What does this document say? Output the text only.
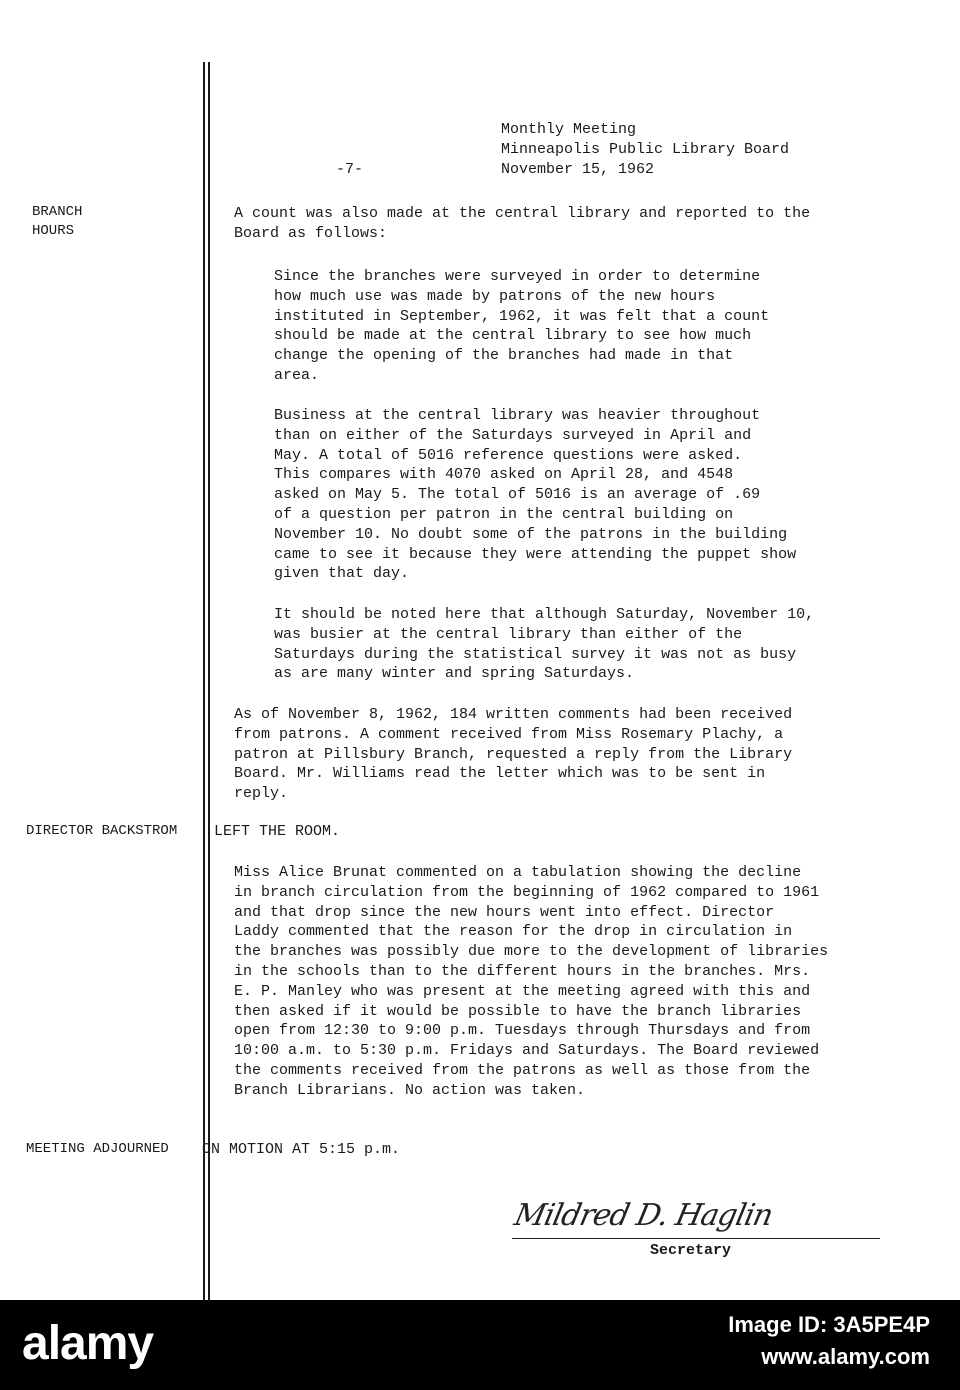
-7-
Monthly Meeting
Minneapolis Public Library Board
November 15, 1962
BRANCH
HOURS
A count was also made at the central library and reported to the
Board as follows:
Since the branches were surveyed in order to determine
how much use was made by patrons of the new hours
instituted in September, 1962, it was felt that a count
should be made at the central library to see how much
change the opening of the branches had made in that
area.
Business at the central library was heavier throughout
than on either of the Saturdays surveyed in April and
May. A total of 5016 reference questions were asked.
This compares with 4070 asked on April 28, and 4548
asked on May 5. The total of 5016 is an average of .69
of a question per patron in the central building on
November 10. No doubt some of the patrons in the building
came to see it because they were attending the puppet show
given that day.
It should be noted here that although Saturday, November 10,
was busier at the central library than either of the
Saturdays during the statistical survey it was not as busy
as are many winter and spring Saturdays.
As of November 8, 1962, 184 written comments had been received
from patrons. A comment received from Miss Rosemary Plachy, a
patron at Pillsbury Branch, requested a reply from the Library
Board. Mr. Williams read the letter which was to be sent in
reply.
DIRECTOR BACKSTROM LEFT THE ROOM.
Miss Alice Brunat commented on a tabulation showing the decline
in branch circulation from the beginning of 1962 compared to 1961
and that drop since the new hours went into effect. Director
Laddy commented that the reason for the drop in circulation in
the branches was possibly due more to the development of libraries
in the schools than to the different hours in the branches. Mrs.
E. P. Manley who was present at the meeting agreed with this and
then asked if it would be possible to have the branch libraries
open from 12:30 to 9:00 p.m. Tuesdays through Thursdays and from
10:00 a.m. to 5:30 p.m. Fridays and Saturdays. The Board reviewed
the comments received from the patrons as well as those from the
Branch Librarians. No action was taken.
MEETING ADJOURNED ON MOTION AT 5:15 p.m.
Mildred D. Haglin
Secretary
alamy	Image ID: 3A5PE4P
www.alamy.com
